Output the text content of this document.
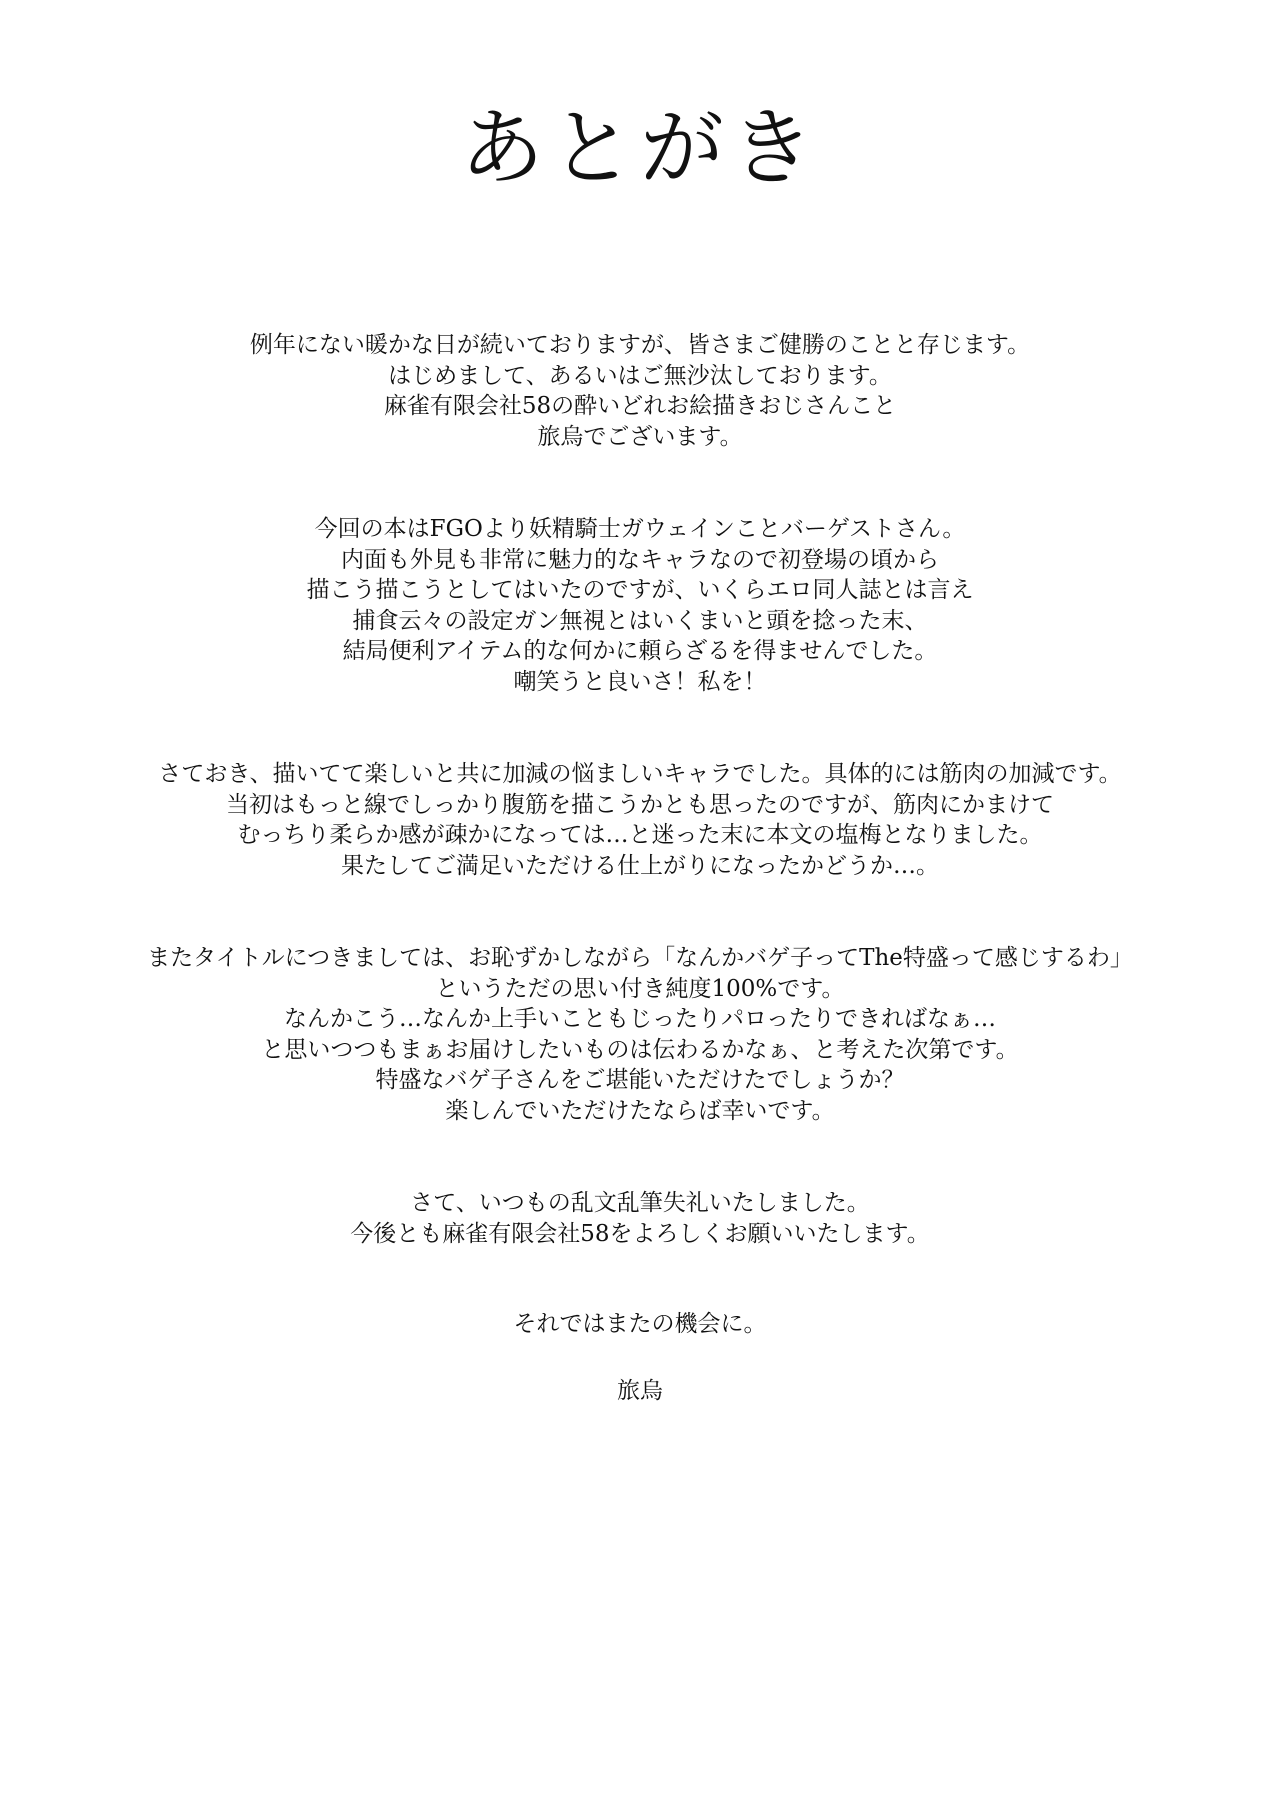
あとがき
例年にない暖かな日が続いておりますが、皆さまご健勝のことと存じます。
はじめまして、あるいはご無沙汰しております。
麻雀有限会社58の酔いどれお絵描きおじさんこと
旅烏でございます。
今回の本はFGOより妖精騎士ガウェインことバーゲストさん。
内面も外見も非常に魅力的なキャラなので初登場の頃から
描こう描こうとしてはいたのですが、いくらエロ同人誌とは言え
捕食云々の設定ガン無視とはいくまいと頭を捻った末、
結局便利アイテム的な何かに頼らざるを得ませんでした。
嘲笑うと良いさ！私を！
さておき、描いてて楽しいと共に加減の悩ましいキャラでした。具体的には筋肉の加減です。
当初はもっと線でしっかり腹筋を描こうかとも思ったのですが、筋肉にかまけて
むっちり柔らか感が疎かになっては…と迷った末に本文の塩梅となりました。
果たしてご満足いただける仕上がりになったかどうか…。
またタイトルにつきましては、お恥ずかしながら「なんかバゲ子ってThe特盛って感じするわ」
というただの思い付き純度100%です。
なんかこう…なんか上手いこともじったりパロったりできればなぁ…
と思いつつもまぁお届けしたいものは伝わるかなぁ、と考えた次第です。
特盛なバゲ子さんをご堪能いただけたでしょうか？
楽しんでいただけたならば幸いです。
さて、いつもの乱文乱筆失礼いたしました。
今後とも麻雀有限会社58をよろしくお願いいたします。
それではまたの機会に。
旅烏
